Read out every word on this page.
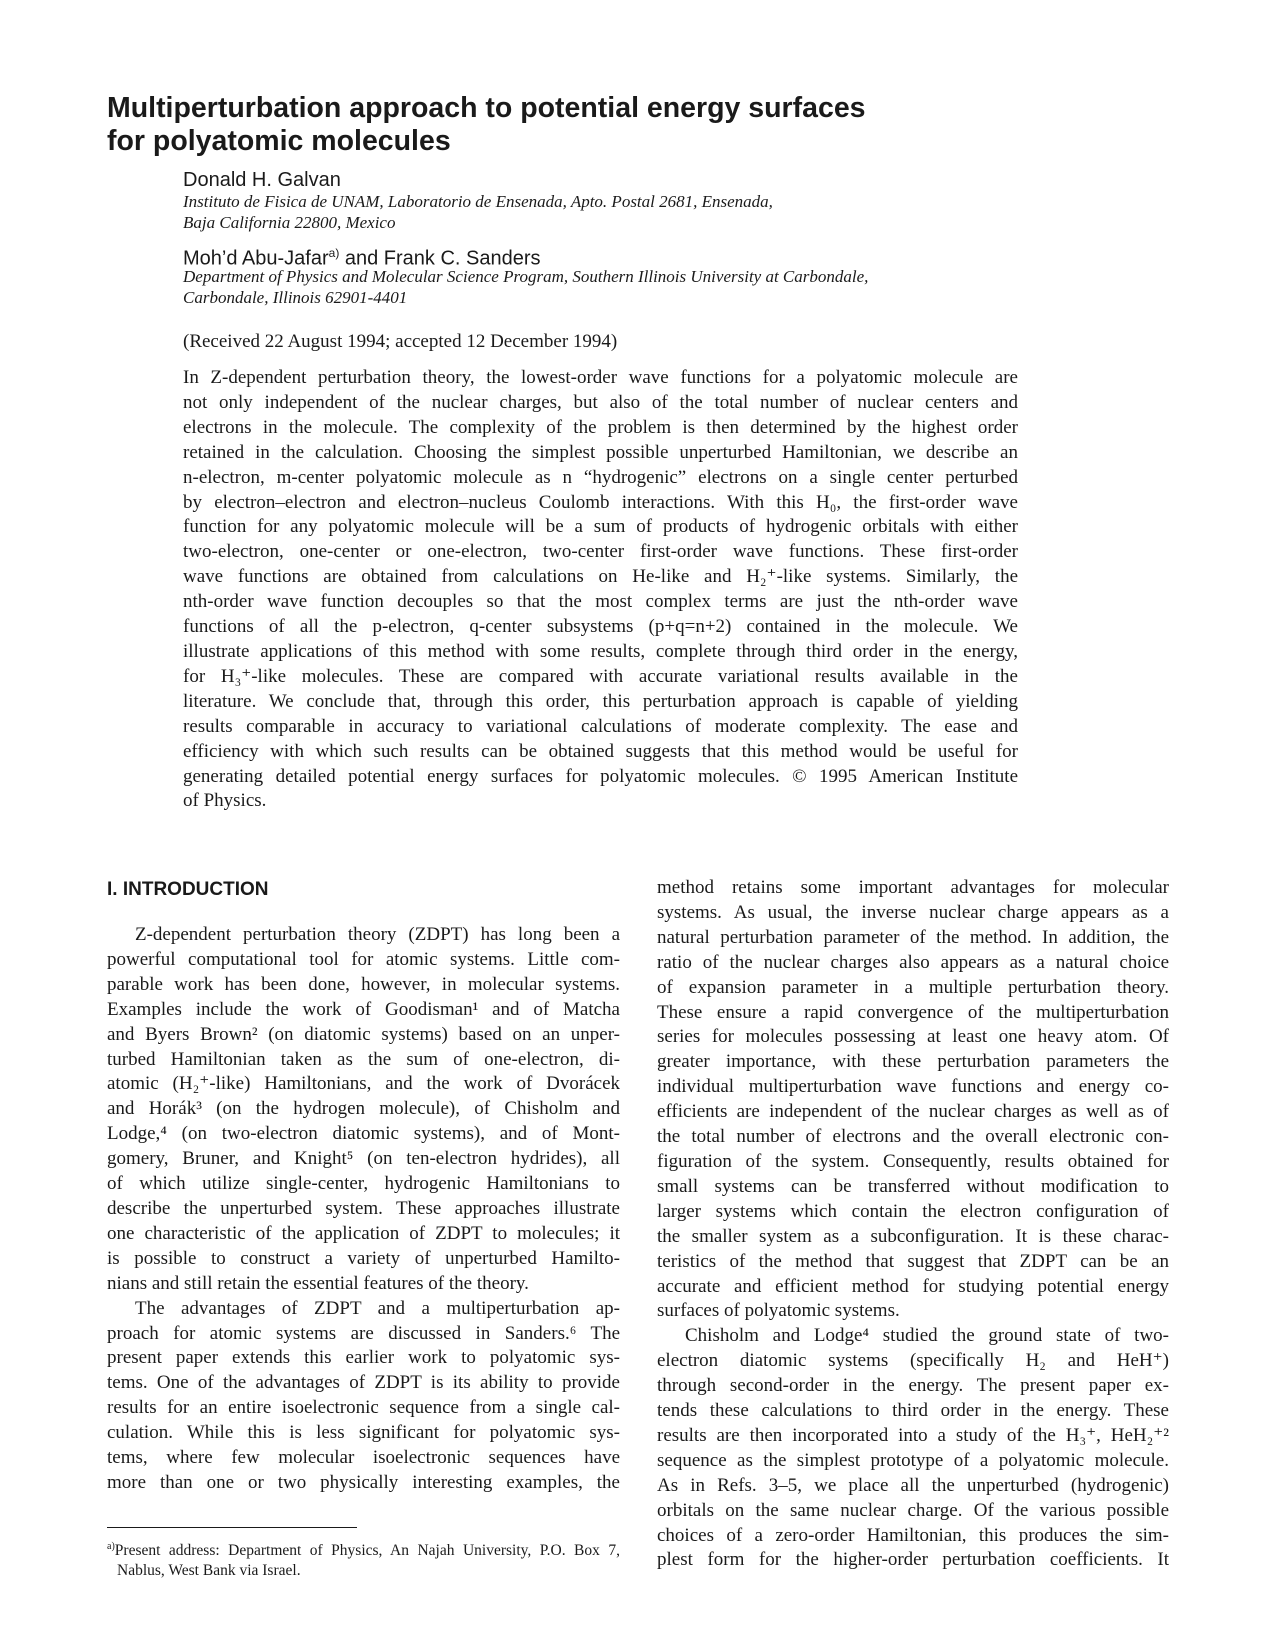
Multiperturbation approach to potential energy surfaces
for polyatomic molecules
Donald H. Galvan
Instituto de Fisica de UNAM, Laboratorio de Ensenada, Apto. Postal 2681, Ensenada,
Baja California 22800, Mexico
Moh’d Abu-Jafar$^{a)}$ and Frank C. Sanders
Department of Physics and Molecular Science Program, Southern Illinois University at Carbondale,
Carbondale, Illinois 62901-4401
(Received 22 August 1994; accepted 12 December 1994)
In Z-dependent perturbation theory, the lowest-order wave functions for a polyatomic molecule are
not only independent of the nuclear charges, but also of the total number of nuclear centers and
electrons in the molecule. The complexity of the problem is then determined by the highest order
retained in the calculation. Choosing the simplest possible unperturbed Hamiltonian, we describe an
n-electron, m-center polyatomic molecule as n “hydrogenic” electrons on a single center perturbed
by electron–electron and electron–nucleus Coulomb interactions. With this H₀, the first-order wave
function for any polyatomic molecule will be a sum of products of hydrogenic orbitals with either
two-electron, one-center or one-electron, two-center first-order wave functions. These first-order
wave functions are obtained from calculations on He-like and H₂⁺-like systems. Similarly, the
nth-order wave function decouples so that the most complex terms are just the nth-order wave
functions of all the p-electron, q-center subsystems (p+q=n+2) contained in the molecule. We
illustrate applications of this method with some results, complete through third order in the energy,
for H₃⁺-like molecules. These are compared with accurate variational results available in the
literature. We conclude that, through this order, this perturbation approach is capable of yielding
results comparable in accuracy to variational calculations of moderate complexity. The ease and
efficiency with which such results can be obtained suggests that this method would be useful for
generating detailed potential energy surfaces for polyatomic molecules. © 1995 American Institute
of Physics.
I. INTRODUCTION
Z-dependent perturbation theory (ZDPT) has long been a
powerful computational tool for atomic systems. Little com-
parable work has been done, however, in molecular systems.
Examples include the work of Goodisman¹ and of Matcha
and Byers Brown² (on diatomic systems) based on an unper-
turbed Hamiltonian taken as the sum of one-electron, di-
atomic (H₂⁺-like) Hamiltonians, and the work of Dvorácek
and Horák³ (on the hydrogen molecule), of Chisholm and
Lodge,⁴ (on two-electron diatomic systems), and of Mont-
gomery, Bruner, and Knight⁵ (on ten-electron hydrides), all
of which utilize single-center, hydrogenic Hamiltonians to
describe the unperturbed system. These approaches illustrate
one characteristic of the application of ZDPT to molecules; it
is possible to construct a variety of unperturbed Hamilto-
nians and still retain the essential features of the theory.
The advantages of ZDPT and a multiperturbation ap-
proach for atomic systems are discussed in Sanders.⁶ The
present paper extends this earlier work to polyatomic sys-
tems. One of the advantages of ZDPT is its ability to provide
results for an entire isoelectronic sequence from a single cal-
culation. While this is less significant for polyatomic sys-
tems, where few molecular isoelectronic sequences have
more than one or two physically interesting examples, the
method retains some important advantages for molecular
systems. As usual, the inverse nuclear charge appears as a
natural perturbation parameter of the method. In addition, the
ratio of the nuclear charges also appears as a natural choice
of expansion parameter in a multiple perturbation theory.
These ensure a rapid convergence of the multiperturbation
series for molecules possessing at least one heavy atom. Of
greater importance, with these perturbation parameters the
individual multiperturbation wave functions and energy co-
efficients are independent of the nuclear charges as well as of
the total number of electrons and the overall electronic con-
figuration of the system. Consequently, results obtained for
small systems can be transferred without modification to
larger systems which contain the electron configuration of
the smaller system as a subconfiguration. It is these charac-
teristics of the method that suggest that ZDPT can be an
accurate and efficient method for studying potential energy
surfaces of polyatomic systems.
Chisholm and Lodge⁴ studied the ground state of two-
electron diatomic systems (specifically H₂ and HeH⁺)
through second-order in the energy. The present paper ex-
tends these calculations to third order in the energy. These
results are then incorporated into a study of the H₃⁺, HeH₂⁺²
sequence as the simplest prototype of a polyatomic molecule.
As in Refs. 3–5, we place all the unperturbed (hydrogenic)
orbitals on the same nuclear charge. Of the various possible
choices of a zero-order Hamiltonian, this produces the sim-
plest form for the higher-order perturbation coefficients. It
$^{a)}$Present address: Department of Physics, An Najah University, P.O. Box 7,
Nablus, West Bank via Israel.
